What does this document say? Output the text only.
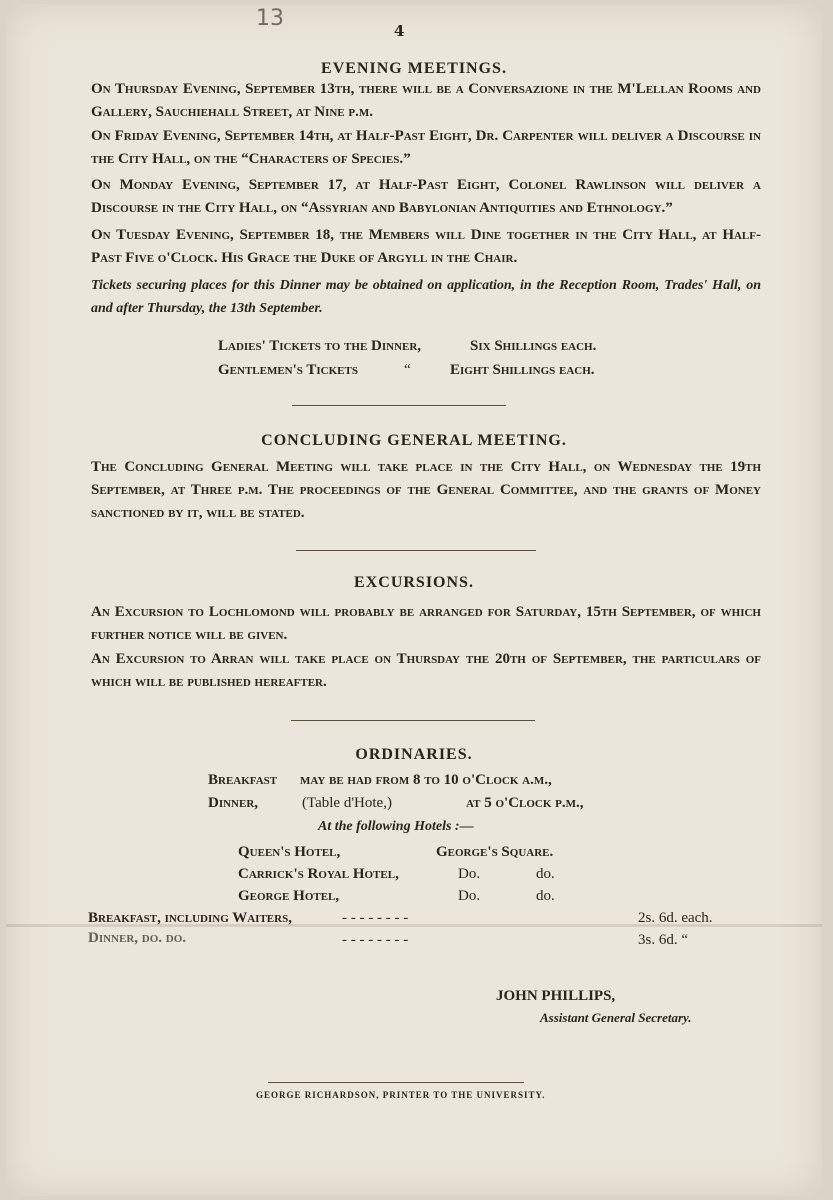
13	4
EVENING MEETINGS.
On Thursday Evening, September 13th, there will be a Conversazione in the M'Lellan Rooms and Gallery, Sauchiehall Street, at Nine p.m.
On Friday Evening, September 14th, at Half-Past Eight, Dr. Carpenter will deliver a Discourse in the City Hall, on the “Characters of Species.”
On Monday Evening, September 17, at Half-Past Eight, Colonel Rawlinson will deliver a Discourse in the City Hall, on “Assyrian and Babylonian Antiquities and Ethnology.”
On Tuesday Evening, September 18, the Members will Dine together in the City Hall, at Half-Past Five o'Clock. His Grace the Duke of Argyll in the Chair.
Tickets securing places for this Dinner may be obtained on application, in the Reception Room, Trades' Hall, on and after Thursday, the 13th September.
Ladies' Tickets to the Dinner,	Six Shillings each.
Gentlemen's Tickets	“	Eight Shillings each.
CONCLUDING GENERAL MEETING.
The Concluding General Meeting will take place in the City Hall, on Wednesday the 19th September, at Three p.m. The proceedings of the General Committee, and the grants of Money sanctioned by it, will be stated.
EXCURSIONS.
An Excursion to Lochlomond will probably be arranged for Saturday, 15th September, of which further notice will be given.
An Excursion to Arran will take place on Thursday the 20th of September, the particulars of which will be published hereafter.
ORDINARIES.
Breakfast may be had from 8 to 10 o'Clock a.m.,
Dinner,	(Table d'Hote,)	at 5 o'Clock p.m.,
At the following Hotels :—
Queen's Hotel,	George's Square.
Carrick's Royal Hotel,	Do.	do.
George Hotel,	Do.	do.
Breakfast, including Waiters,	- - - - - - - -	2s. 6d. each.
Dinner, do. do.	- - - - - - - -	3s. 6d. “
JOHN PHILLIPS,
Assistant General Secretary.
GEORGE RICHARDSON, PRINTER TO THE UNIVERSITY.
